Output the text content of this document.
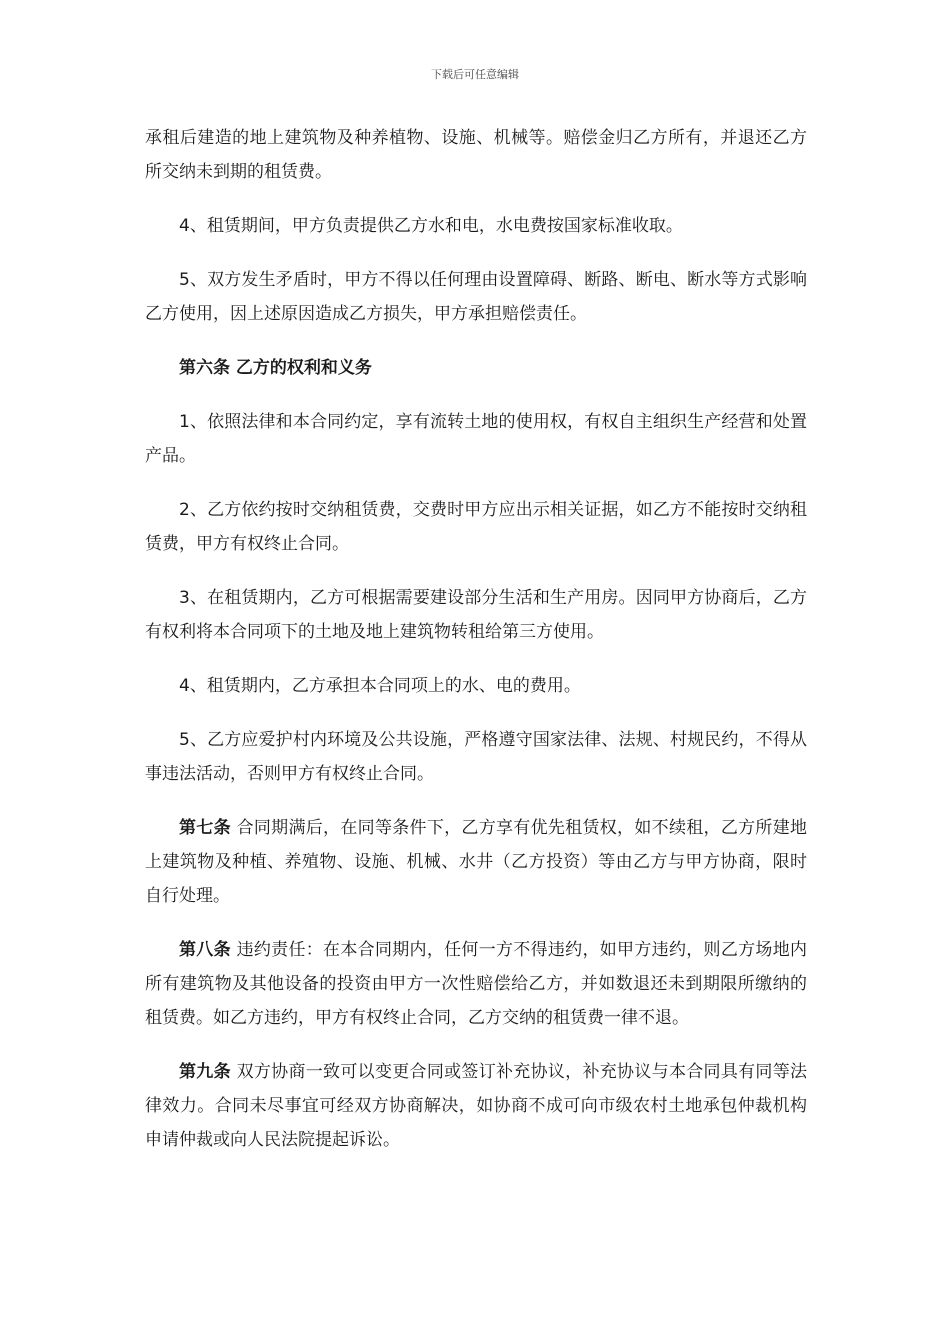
下载后可任意编辑

承租后建造的地上建筑物及种养植物、设施、机械等。赔偿金归乙方所有，并退还乙方所交纳未到期的租赁费。

4、租赁期间，甲方负责提供乙方水和电，水电费按国家标准收取。

5、双方发生矛盾时，甲方不得以任何理由设置障碍、断路、断电、断水等方式影响乙方使用，因上述原因造成乙方损失，甲方承担赔偿责任。

第六条 乙方的权利和义务

1、依照法律和本合同约定，享有流转土地的使用权，有权自主组织生产经营和处置产品。

2、乙方依约按时交纳租赁费，交费时甲方应出示相关证据，如乙方不能按时交纳租赁费，甲方有权终止合同。

3、在租赁期内，乙方可根据需要建设部分生活和生产用房。因同甲方协商后，乙方有权利将本合同项下的土地及地上建筑物转租给第三方使用。

4、租赁期内，乙方承担本合同项上的水、电的费用。

5、乙方应爱护村内环境及公共设施，严格遵守国家法律、法规、村规民约，不得从事违法活动，否则甲方有权终止合同。

第七条 合同期满后，在同等条件下，乙方享有优先租赁权，如不续租，乙方所建地上建筑物及种植、养殖物、设施、机械、水井（乙方投资）等由乙方与甲方协商，限时自行处理。

第八条 违约责任：在本合同期内，任何一方不得违约，如甲方违约，则乙方场地内所有建筑物及其他设备的投资由甲方一次性赔偿给乙方，并如数退还未到期限所缴纳的租赁费。如乙方违约，甲方有权终止合同，乙方交纳的租赁费一律不退。

第九条 双方协商一致可以变更合同或签订补充协议，补充协议与本合同具有同等法律效力。合同未尽事宜可经双方协商解决，如协商不成可向市级农村土地承包仲裁机构申请仲裁或向人民法院提起诉讼。
